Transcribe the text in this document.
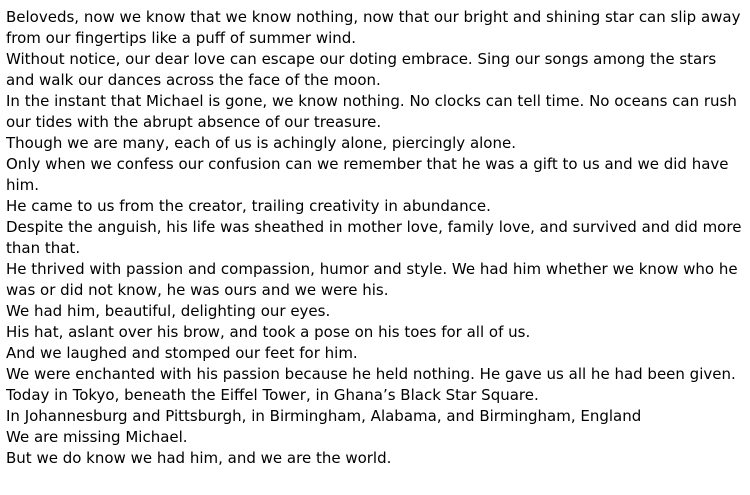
Beloveds, now we know that we know nothing, now that our bright and shining star can slip away from our fingertips like a puff of summer wind.

Without notice, our dear love can escape our doting embrace. Sing our songs among the stars and walk our dances across the face of the moon.

In the instant that Michael is gone, we know nothing. No clocks can tell time. No oceans can rush our tides with the abrupt absence of our treasure.

Though we are many, each of us is achingly alone, piercingly alone.

Only when we confess our confusion can we remember that he was a gift to us and we did have him.

He came to us from the creator, trailing creativity in abundance.

Despite the anguish, his life was sheathed in mother love, family love, and survived and did more than that.

He thrived with passion and compassion, humor and style. We had him whether we know who he was or did not know, he was ours and we were his.

We had him, beautiful, delighting our eyes.

His hat, aslant over his brow, and took a pose on his toes for all of us.

And we laughed and stomped our feet for him.

We were enchanted with his passion because he held nothing. He gave us all he had been given.

Today in Tokyo, beneath the Eiffel Tower, in Ghana’s Black Star Square.

In Johannesburg and Pittsburgh, in Birmingham, Alabama, and Birmingham, England

We are missing Michael.

But we do know we had him, and we are the world.
